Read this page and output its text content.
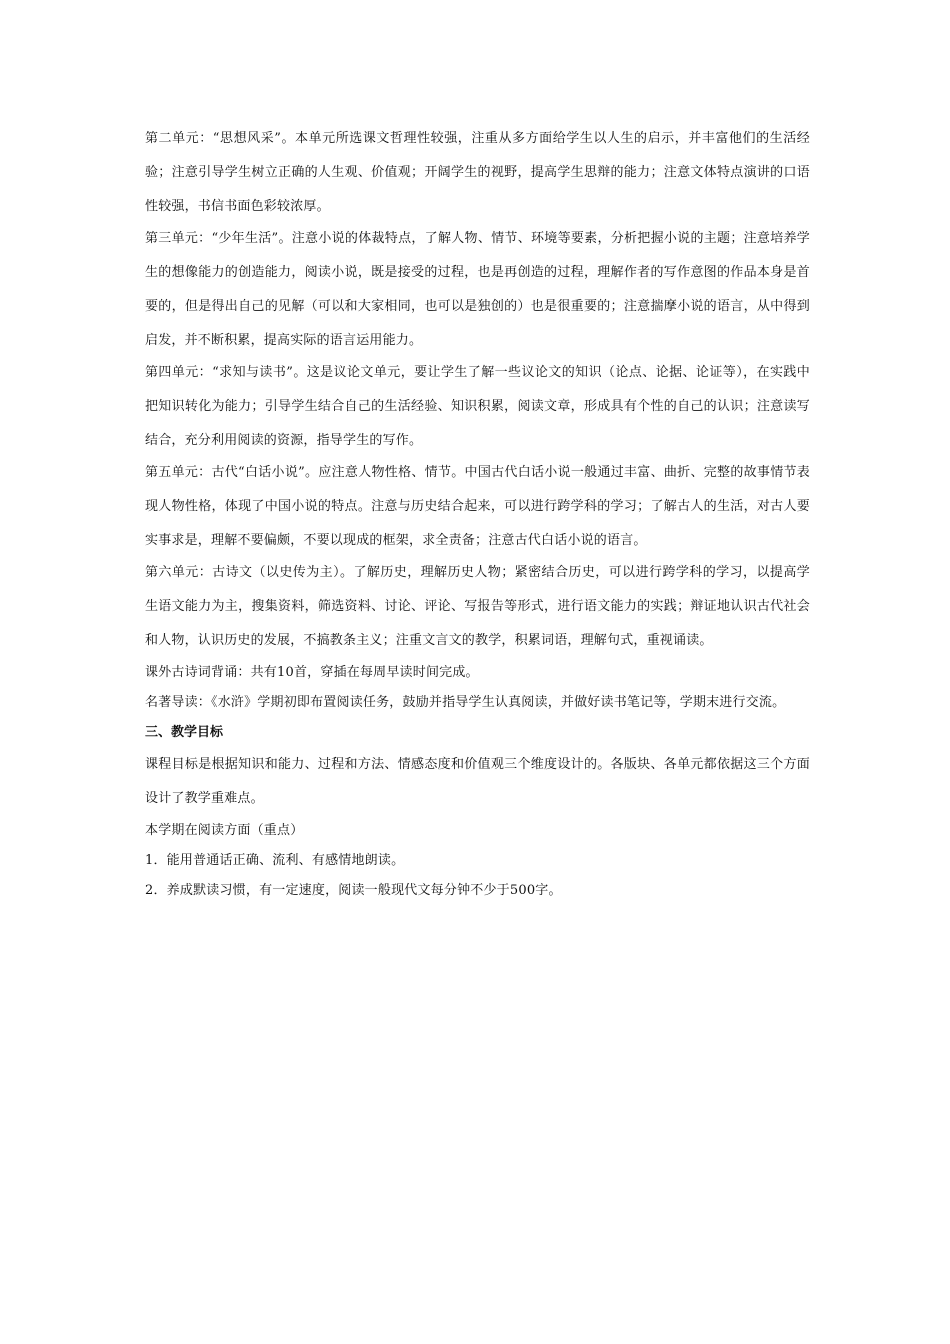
第二单元：“思想风采”。本单元所选课文哲理性较强，注重从多方面给学生以人生的启示，并丰富他们的生活经验；注意引导学生树立正确的人生观、价值观；开阔学生的视野，提高学生思辩的能力；注意文体特点演讲的口语性较强，书信书面色彩较浓厚。

第三单元：“少年生活”。注意小说的体裁特点，了解人物、情节、环境等要素，分析把握小说的主题；注意培养学生的想像能力的创造能力，阅读小说，既是接受的过程，也是再创造的过程，理解作者的写作意图的作品本身是首要的，但是得出自己的见解（可以和大家相同，也可以是独创的）也是很重要的；注意揣摩小说的语言，从中得到启发，并不断积累，提高实际的语言运用能力。

第四单元：“求知与读书”。这是议论文单元，要让学生了解一些议论文的知识（论点、论据、论证等），在实践中把知识转化为能力；引导学生结合自己的生活经验、知识积累，阅读文章，形成具有个性的自己的认识；注意读写结合，充分利用阅读的资源，指导学生的写作。

第五单元：古代“白话小说”。应注意人物性格、情节。中国古代白话小说一般通过丰富、曲折、完整的故事情节表现人物性格，体现了中国小说的特点。注意与历史结合起来，可以进行跨学科的学习；了解古人的生活，对古人要实事求是，理解不要偏颇，不要以现成的框架，求全责备；注意古代白话小说的语言。

第六单元：古诗文（以史传为主）。了解历史，理解历史人物；紧密结合历史，可以进行跨学科的学习，以提高学生语文能力为主，搜集资料，筛选资料、讨论、评论、写报告等形式，进行语文能力的实践；辩证地认识古代社会和人物，认识历史的发展，不搞教条主义；注重文言文的教学，积累词语，理解句式，重视诵读。

课外古诗词背诵：共有10首，穿插在每周早读时间完成。

名著导读：《水浒》学期初即布置阅读任务，鼓励并指导学生认真阅读，并做好读书笔记等，学期末进行交流。

三、教学目标

课程目标是根据知识和能力、过程和方法、情感态度和价值观三个维度设计的。各版块、各单元都依据这三个方面设计了教学重难点。

本学期在阅读方面（重点）

1．能用普通话正确、流利、有感情地朗读。

2．养成默读习惯，有一定速度，阅读一般现代文每分钟不少于500字。
